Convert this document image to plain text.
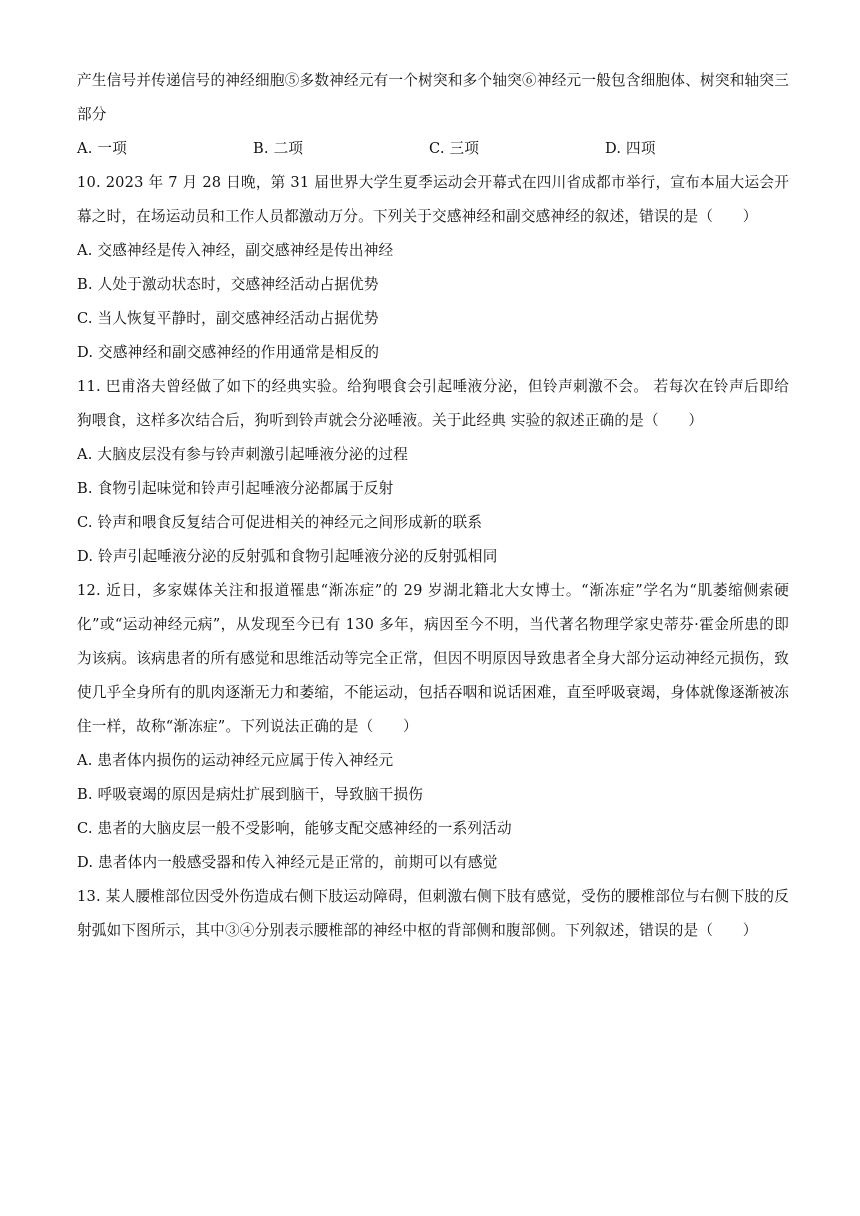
产生信号并传递信号的神经细胞⑤多数神经元有一个树突和多个轴突⑥神经元一般包含细胞体、树突和轴突三部分

A. 一项	B. 二项	C. 三项	D. 四项

10. 2023 年 7 月 28 日晚，第 31 届世界大学生夏季运动会开幕式在四川省成都市举行，宣布本届大运会开幕之时，在场运动员和工作人员都激动万分。下列关于交感神经和副交感神经的叙述，错误的是（　　）

A. 交感神经是传入神经，副交感神经是传出神经

B. 人处于激动状态时，交感神经活动占据优势

C. 当人恢复平静时，副交感神经活动占据优势

D. 交感神经和副交感神经的作用通常是相反的

11. 巴甫洛夫曾经做了如下的经典实验。给狗喂食会引起唾液分泌，但铃声刺激不会。 若每次在铃声后即给狗喂食，这样多次结合后，狗听到铃声就会分泌唾液。关于此经典 实验的叙述正确的是（　　）

A. 大脑皮层没有参与铃声刺激引起唾液分泌的过程

B. 食物引起味觉和铃声引起唾液分泌都属于反射

C. 铃声和喂食反复结合可促进相关的神经元之间形成新的联系

D. 铃声引起唾液分泌的反射弧和食物引起唾液分泌的反射弧相同

12. 近日，多家媒体关注和报道罹患“渐冻症”的 29 岁湖北籍北大女博士。“渐冻症”学名为“肌萎缩侧索硬化”或“运动神经元病”，从发现至今已有 130 多年，病因至今不明，当代著名物理学家史蒂芬·霍金所患的即为该病。该病患者的所有感觉和思维活动等完全正常，但因不明原因导致患者全身大部分运动神经元损伤，致使几乎全身所有的肌肉逐渐无力和萎缩，不能运动，包括吞咽和说话困难，直至呼吸衰竭，身体就像逐渐被冻住一样，故称“渐冻症”。下列说法正确的是（　　）

A. 患者体内损伤的运动神经元应属于传入神经元

B. 呼吸衰竭的原因是病灶扩展到脑干，导致脑干损伤

C. 患者的大脑皮层一般不受影响，能够支配交感神经的一系列活动

D. 患者体内一般感受器和传入神经元是正常的，前期可以有感觉

13. 某人腰椎部位因受外伤造成右侧下肢运动障碍，但刺激右侧下肢有感觉，受伤的腰椎部位与右侧下肢的反射弧如下图所示，其中③④分别表示腰椎部的神经中枢的背部侧和腹部侧。下列叙述，错误的是（　　）
